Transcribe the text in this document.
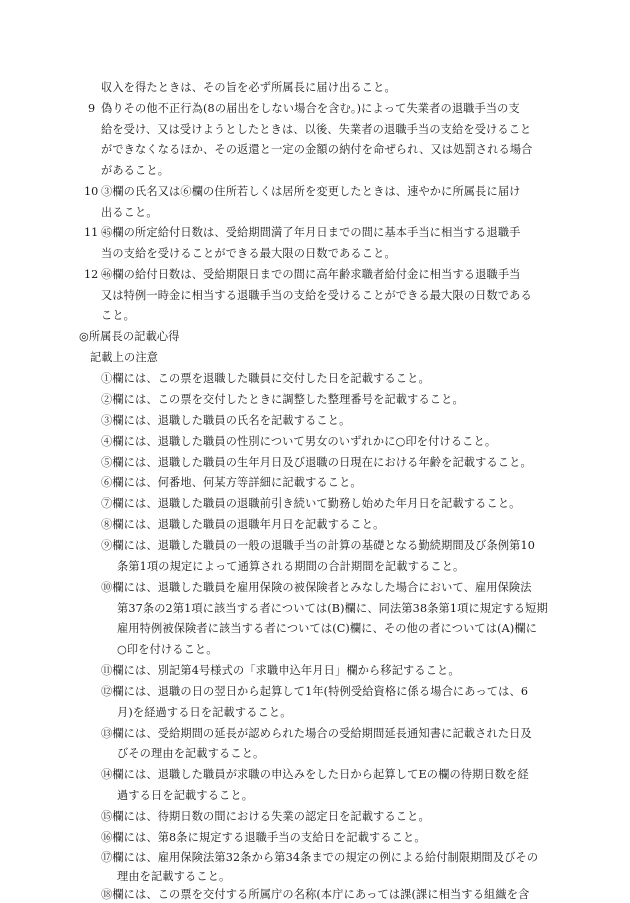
収入を得たときは、その旨を必ず所属長に届け出ること。
9 偽りその他不正行為(8の届出をしない場合を含む。)によって失業者の退職手当の支
給を受け、又は受けようとしたときは、以後、失業者の退職手当の支給を受けること
ができなくなるほか、その返還と一定の金額の納付を命ぜられ、又は処罰される場合
があること。
10 ③欄の氏名又は⑥欄の住所若しくは居所を変更したときは、速やかに所属長に届け
出ること。
11 ㊺欄の所定給付日数は、受給期間満了年月日までの間に基本手当に相当する退職手
当の支給を受けることができる最大限の日数であること。
12 ㊻欄の給付日数は、受給期限日までの間に高年齢求職者給付金に相当する退職手当
又は特例一時金に相当する退職手当の支給を受けることができる最大限の日数である
こと。
◎所属長の記載心得
記載上の注意
①欄には、この票を退職した職員に交付した日を記載すること。
②欄には、この票を交付したときに調整した整理番号を記載すること。
③欄には、退職した職員の氏名を記載すること。
④欄には、退職した職員の性別について男女のいずれかに○印を付けること。
⑤欄には、退職した職員の生年月日及び退職の日現在における年齢を記載すること。
⑥欄には、何番地、何某方等詳細に記載すること。
⑦欄には、退職した職員の退職前引き続いて勤務し始めた年月日を記載すること。
⑧欄には、退職した職員の退職年月日を記載すること。
⑨欄には、退職した職員の一般の退職手当の計算の基礎となる勤続期間及び条例第10
条第1項の規定によって通算される期間の合計期間を記載すること。
⑩欄には、退職した職員を雇用保険の被保険者とみなした場合において、雇用保険法
第37条の2第1項に該当する者については(B)欄に、同法第38条第1項に規定する短期
雇用特例被保険者に該当する者については(C)欄に、その他の者については(A)欄に
○印を付けること。
⑪欄には、別記第4号様式の「求職申込年月日」欄から移記すること。
⑫欄には、退職の日の翌日から起算して1年(特例受給資格に係る場合にあっては、6
月)を経過する日を記載すること。
⑬欄には、受給期間の延長が認められた場合の受給期間延長通知書に記載された日及
びその理由を記載すること。
⑭欄には、退職した職員が求職の申込みをした日から起算してEの欄の待期日数を経
過する日を記載すること。
⑮欄には、待期日数の間における失業の認定日を記載すること。
⑯欄には、第8条に規定する退職手当の支給日を記載すること。
⑰欄には、雇用保険法第32条から第34条までの規定の例による給付制限期間及びその
理由を記載すること。
⑱欄には、この票を交付する所属庁の名称(本庁にあっては課(課に相当する組織を含
